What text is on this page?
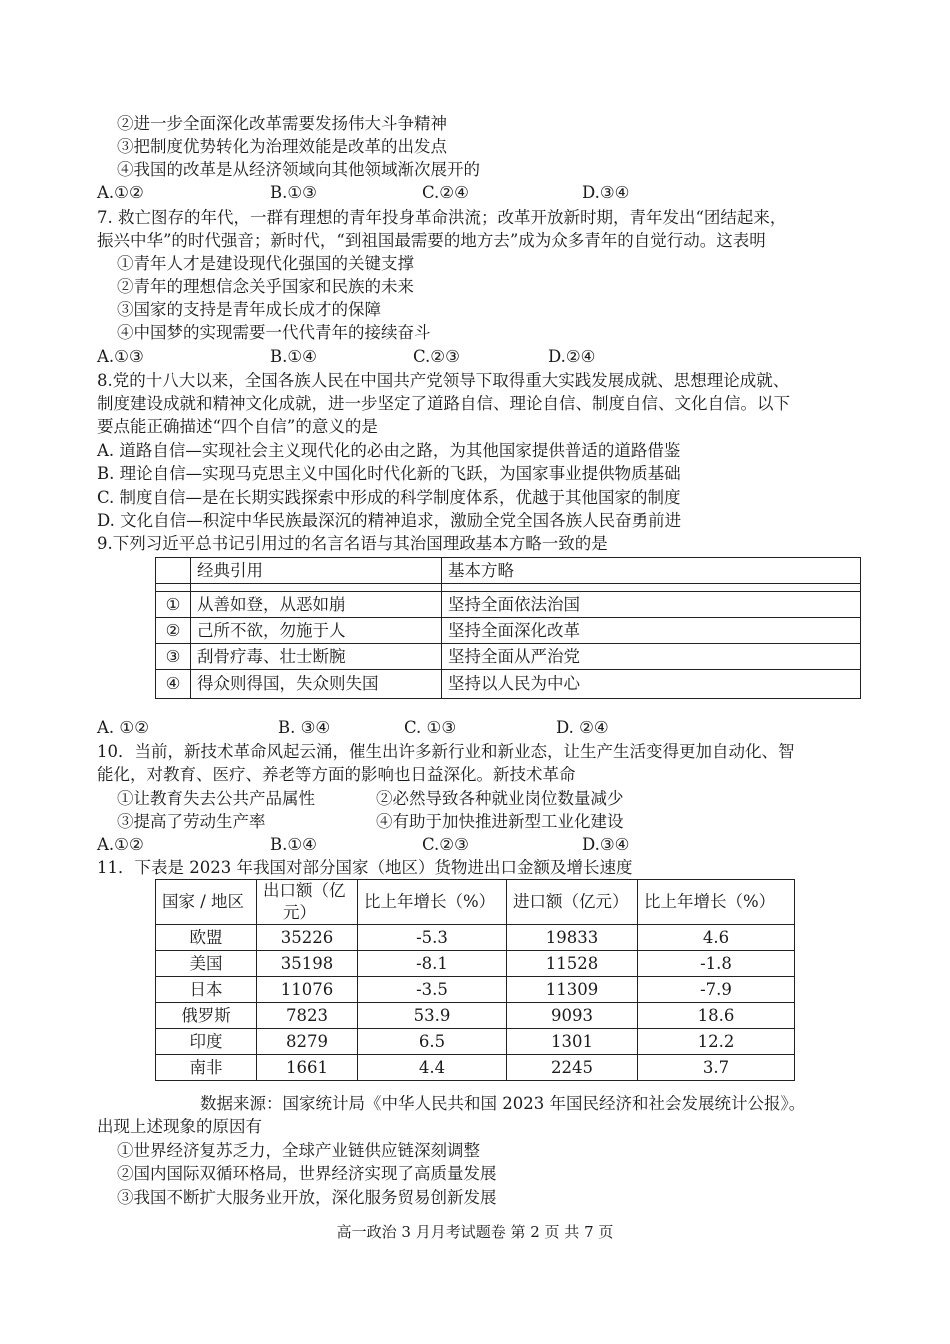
②进一步全面深化改革需要发扬伟大斗争精神
③把制度优势转化为治理效能是改革的出发点
④我国的改革是从经济领域向其他领域渐次展开的
A.①②	B.①③	C.②④	D.③④
7. 救亡图存的年代，一群有理想的青年投身革命洪流；改革开放新时期，青年发出“团结起来，
振兴中华”的时代强音；新时代，“到祖国最需要的地方去”成为众多青年的自觉行动。这表明
①青年人才是建设现代化强国的关键支撑
②青年的理想信念关乎国家和民族的未来
③国家的支持是青年成长成才的保障
④中国梦的实现需要一代代青年的接续奋斗
A.①③	B.①④	C.②③	D.②④
8.党的十八大以来，全国各族人民在中国共产党领导下取得重大实践发展成就、思想理论成就、
制度建设成就和精神文化成就，进一步坚定了道路自信、理论自信、制度自信、文化自信。以下
要点能正确描述“四个自信”的意义的是
A. 道路自信—实现社会主义现代化的必由之路，为其他国家提供普适的道路借鉴
B. 理论自信—实现马克思主义中国化时代化新的飞跃，为国家事业提供物质基础
C. 制度自信—是在长期实践探索中形成的科学制度体系，优越于其他国家的制度
D. 文化自信—积淀中华民族最深沉的精神追求，激励全党全国各族人民奋勇前进
9.下列习近平总书记引用过的名言名语与其治国理政基本方略一致的是
	经典引用	基本方略

①	从善如登，从恶如崩	坚持全面依法治国
②	己所不欲，勿施于人	坚持全面深化改革
③	刮骨疗毒、壮士断腕	坚持全面从严治党
④	得众则得国，失众则失国	坚持以人民为中心
A. ①②	B. ③④	C. ①③	D. ②④
10．当前，新技术革命风起云涌，催生出许多新行业和新业态，让生产生活变得更加自动化、智
能化，对教育、医疗、养老等方面的影响也日益深化。新技术革命
①让教育失去公共产品属性	②必然导致各种就业岗位数量减少
③提高了劳动生产率	④有助于加快推进新型工业化建设
A.①②	B.①④	C.②③	D.③④
11．下表是 2023 年我国对部分国家（地区）货物进出口金额及增长速度
国家 / 地区	出口额（亿
元）	比上年增长（%）	进口额（亿元）	比上年增长（%）
欧盟	35226	-5.3	19833	4.6
美国	35198	-8.1	11528	-1.8
日本	11076	-3.5	11309	-7.9
俄罗斯	7823	53.9	9093	18.6
印度	8279	6.5	1301	12.2
南非	1661	4.4	2245	3.7
数据来源：国家统计局《中华人民共和国 2023 年国民经济和社会发展统计公报》。
出现上述现象的原因有
①世界经济复苏乏力，全球产业链供应链深刻调整
②国内国际双循环格局，世界经济实现了高质量发展
③我国不断扩大服务业开放，深化服务贸易创新发展
高一政治 3 月月考试题卷 第 2 页 共 7 页
